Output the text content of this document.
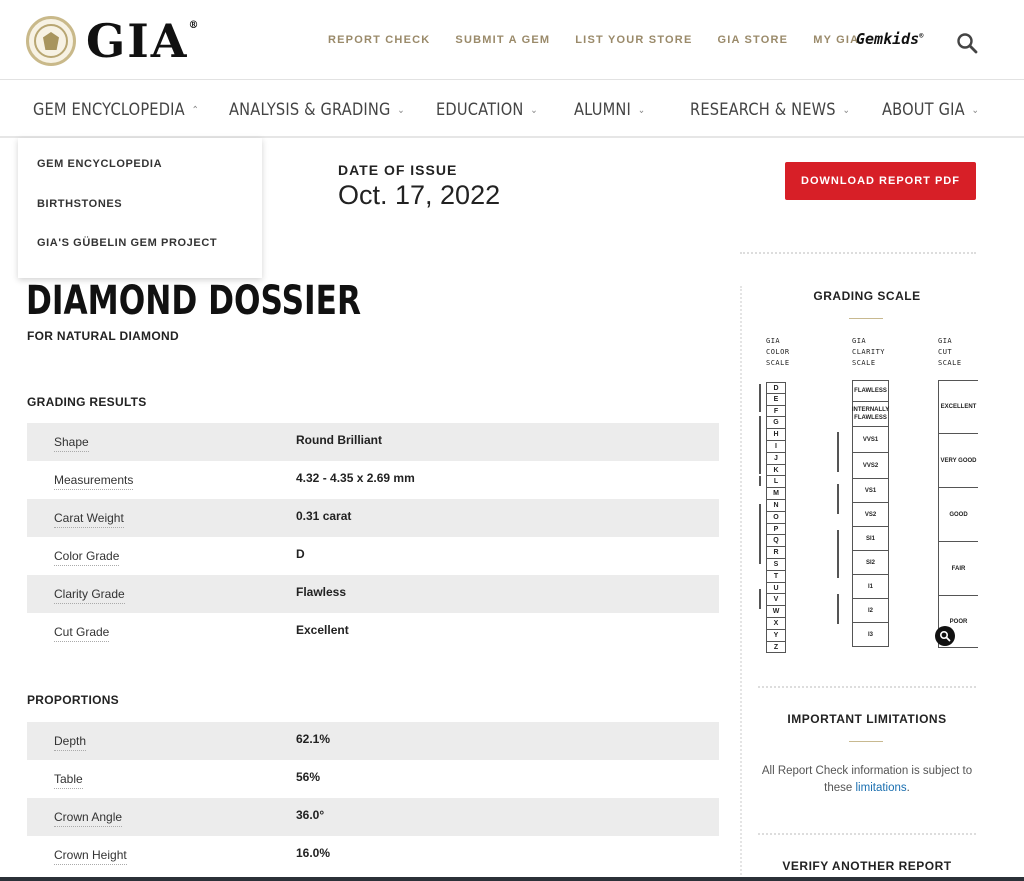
GIA®
REPORT CHECK SUBMIT A GEM LIST YOUR STORE GIA STORE MY GIA
Gemkids®
GEM ENCYCLOPEDIA ⌃ ANALYSIS & GRADING ⌄ EDUCATION ⌄ ALUMNI ⌄	RESEARCH & NEWS ⌄ ABOUT GIA ⌄
GEM ENCYCLOPEDIA
BIRTHSTONES
GIA'S GÜBELIN GEM PROJECT
DATE OF ISSUE
Oct. 17, 2022	DOWNLOAD REPORT PDF
DIAMOND DOSSIER
FOR NATURAL DIAMOND
GRADING RESULTS
Shape	Round Brilliant
Measurements	4.32 - 4.35 x 2.69 mm
Carat Weight	0.31 carat
Color Grade	D
Clarity Grade	Flawless
Cut Grade	Excellent
PROPORTIONS
Depth	62.1%
Table	56%
Crown Angle	36.0°
Crown Height	16.0%
GRADING SCALE
GIA
COLOR
SCALE
GIA
CLARITY
SCALE
GIA
CUT
SCALE
D
E
F
G
H
I
J
K
L
M
N
O
P
Q
R
S
T
U
V
W
X
Y
Z
FLAWLESS
INTERNALLY FLAWLESS
VVS1
VVS2
VS1
VS2
SI1
SI2
I1
I2
I3
EXCELLENT
VERY GOOD
GOOD
FAIR
POOR
IMPORTANT LIMITATIONS
All Report Check information is subject to these limitations.
VERIFY ANOTHER REPORT
